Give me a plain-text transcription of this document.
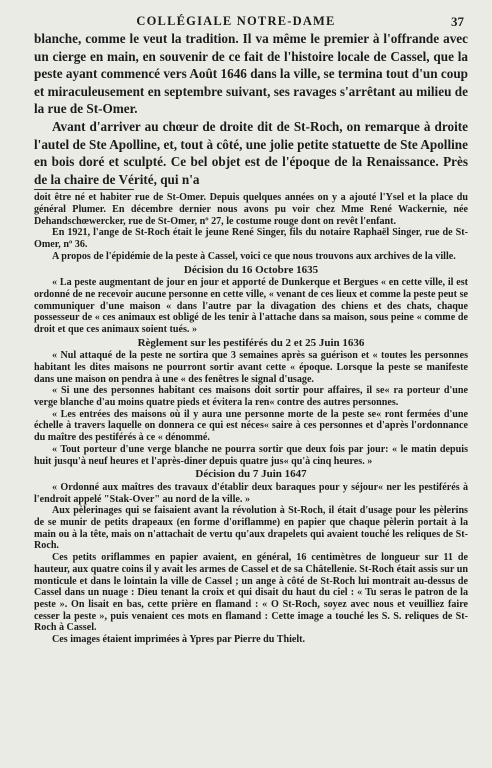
COLLÉGIALE NOTRE-DAME	37

blanche, comme le veut la tradition. Il va même le premier à l'offrande avec un cierge en main, en souvenir de ce fait de l'histoire locale de Cassel, que la peste ayant commencé vers Août 1646 dans la ville, se termina tout d'un coup et miraculeusement en septembre suivant, ses ravages s'arrêtant au milieu de la rue de St-Omer.

Avant d'arriver au chœur de droite dit de St-Roch, on remarque à droite l'autel de Ste Apolline, et, tout à côté, une jolie petite statuette de Ste Apolline en bois doré et sculpté. Ce bel objet est de l'époque de la Renaissance. Près de la chaire de Vérité, qui n'a

doit être né et habiter rue de St-Omer. Depuis quelques années on y a ajouté l'Ysel et la place du général Plumer. En décembre dernier nous avons pu voir chez Mme René Wackernie, née Dehandschœwercker, rue de St-Omer, nº 27, le costume rouge dont on revêt l'enfant.

En 1921, l'ange de St-Roch était le jeune René Singer, fils du notaire Raphaël Singer, rue de St-Omer, nº 36.

A propos de l'épidémie de la peste à Cassel, voici ce que nous trouvons aux archives de la ville.

Décision du 16 Octobre 1635

« La peste augmentant de jour en jour et apporté de Dunkerque et Bergues « en cette ville, il est ordonné de ne recevoir aucune personne en cette ville, « venant de ces lieux et comme la peste peut se communiquer d'une maison « dans l'autre par la divagation des chiens et des chats, chaque possesseur de « ces animaux est obligé de les tenir à l'attache dans sa maison, sous peine « comme de droit et que ces animaux soient tués. »

Règlement sur les pestiférés du 2 et 25 Juin 1636

« Nul attaqué de la peste ne sortira que 3 semaines après sa guérison et « toutes les personnes habitant les dites maisons ne pourront sortir avant cette « époque. Lorsque la peste se manifeste dans une maison on pendra à une « des fenêtres le signal d'usage.

« Si une des personnes habitant ces maisons doit sortir pour affaires, il se« ra porteur d'une verge blanche d'au moins quatre pieds et évitera la ren« contre des autres personnes.

« Les entrées des maisons où il y aura une personne morte de la peste se« ront fermées d'une échelle à travers laquelle on donnera ce qui est néces« saire à ces personnes et d'après l'ordonnance du maître des pestiférés à ce « dénommé.

« Tout porteur d'une verge blanche ne pourra sortir que deux fois par jour: « le matin depuis huit jusqu'à neuf heures et l'après-diner depuis quatre jus« qu'à cinq heures. »

Décision du 7 Juin 1647

« Ordonné aux maîtres des travaux d'établir deux baraques pour y séjour« ner les pestiférés à l'endroit appelé "Stak-Over" au nord de la ville. »

Aux pèlerinages qui se faisaient avant la révolution à St-Roch, il était d'usage pour les pèlerins de se munir de petits drapeaux (en forme d'oriflamme) en papier que chaque pèlerin portait à la main ou à la tête, mais on n'attachait de vertu qu'aux drapelets qui avaient touché les reliques de St-Roch.

Ces petits oriflammes en papier avaient, en général, 16 centimètres de longueur sur 11 de hauteur, aux quatre coins il y avait les armes de Cassel et de sa Châtellenie. St-Roch était assis sur un monticule et dans le lointain la ville de Cassel ; un ange à côté de St-Roch lui montrait au-dessus de Cassel dans un nuage : Dieu tenant la croix et qui disait du haut du ciel : « Tu seras le patron de la peste ». On lisait en bas, cette prière en flamand : « O St-Roch, soyez avec nous et veuilliez faire cesser la peste », puis venaient ces mots en flamand : Cette image a touché les S. S. reliques de St-Roch à Cassel.

Ces images étaient imprimées à Ypres par Pierre du Thielt.
